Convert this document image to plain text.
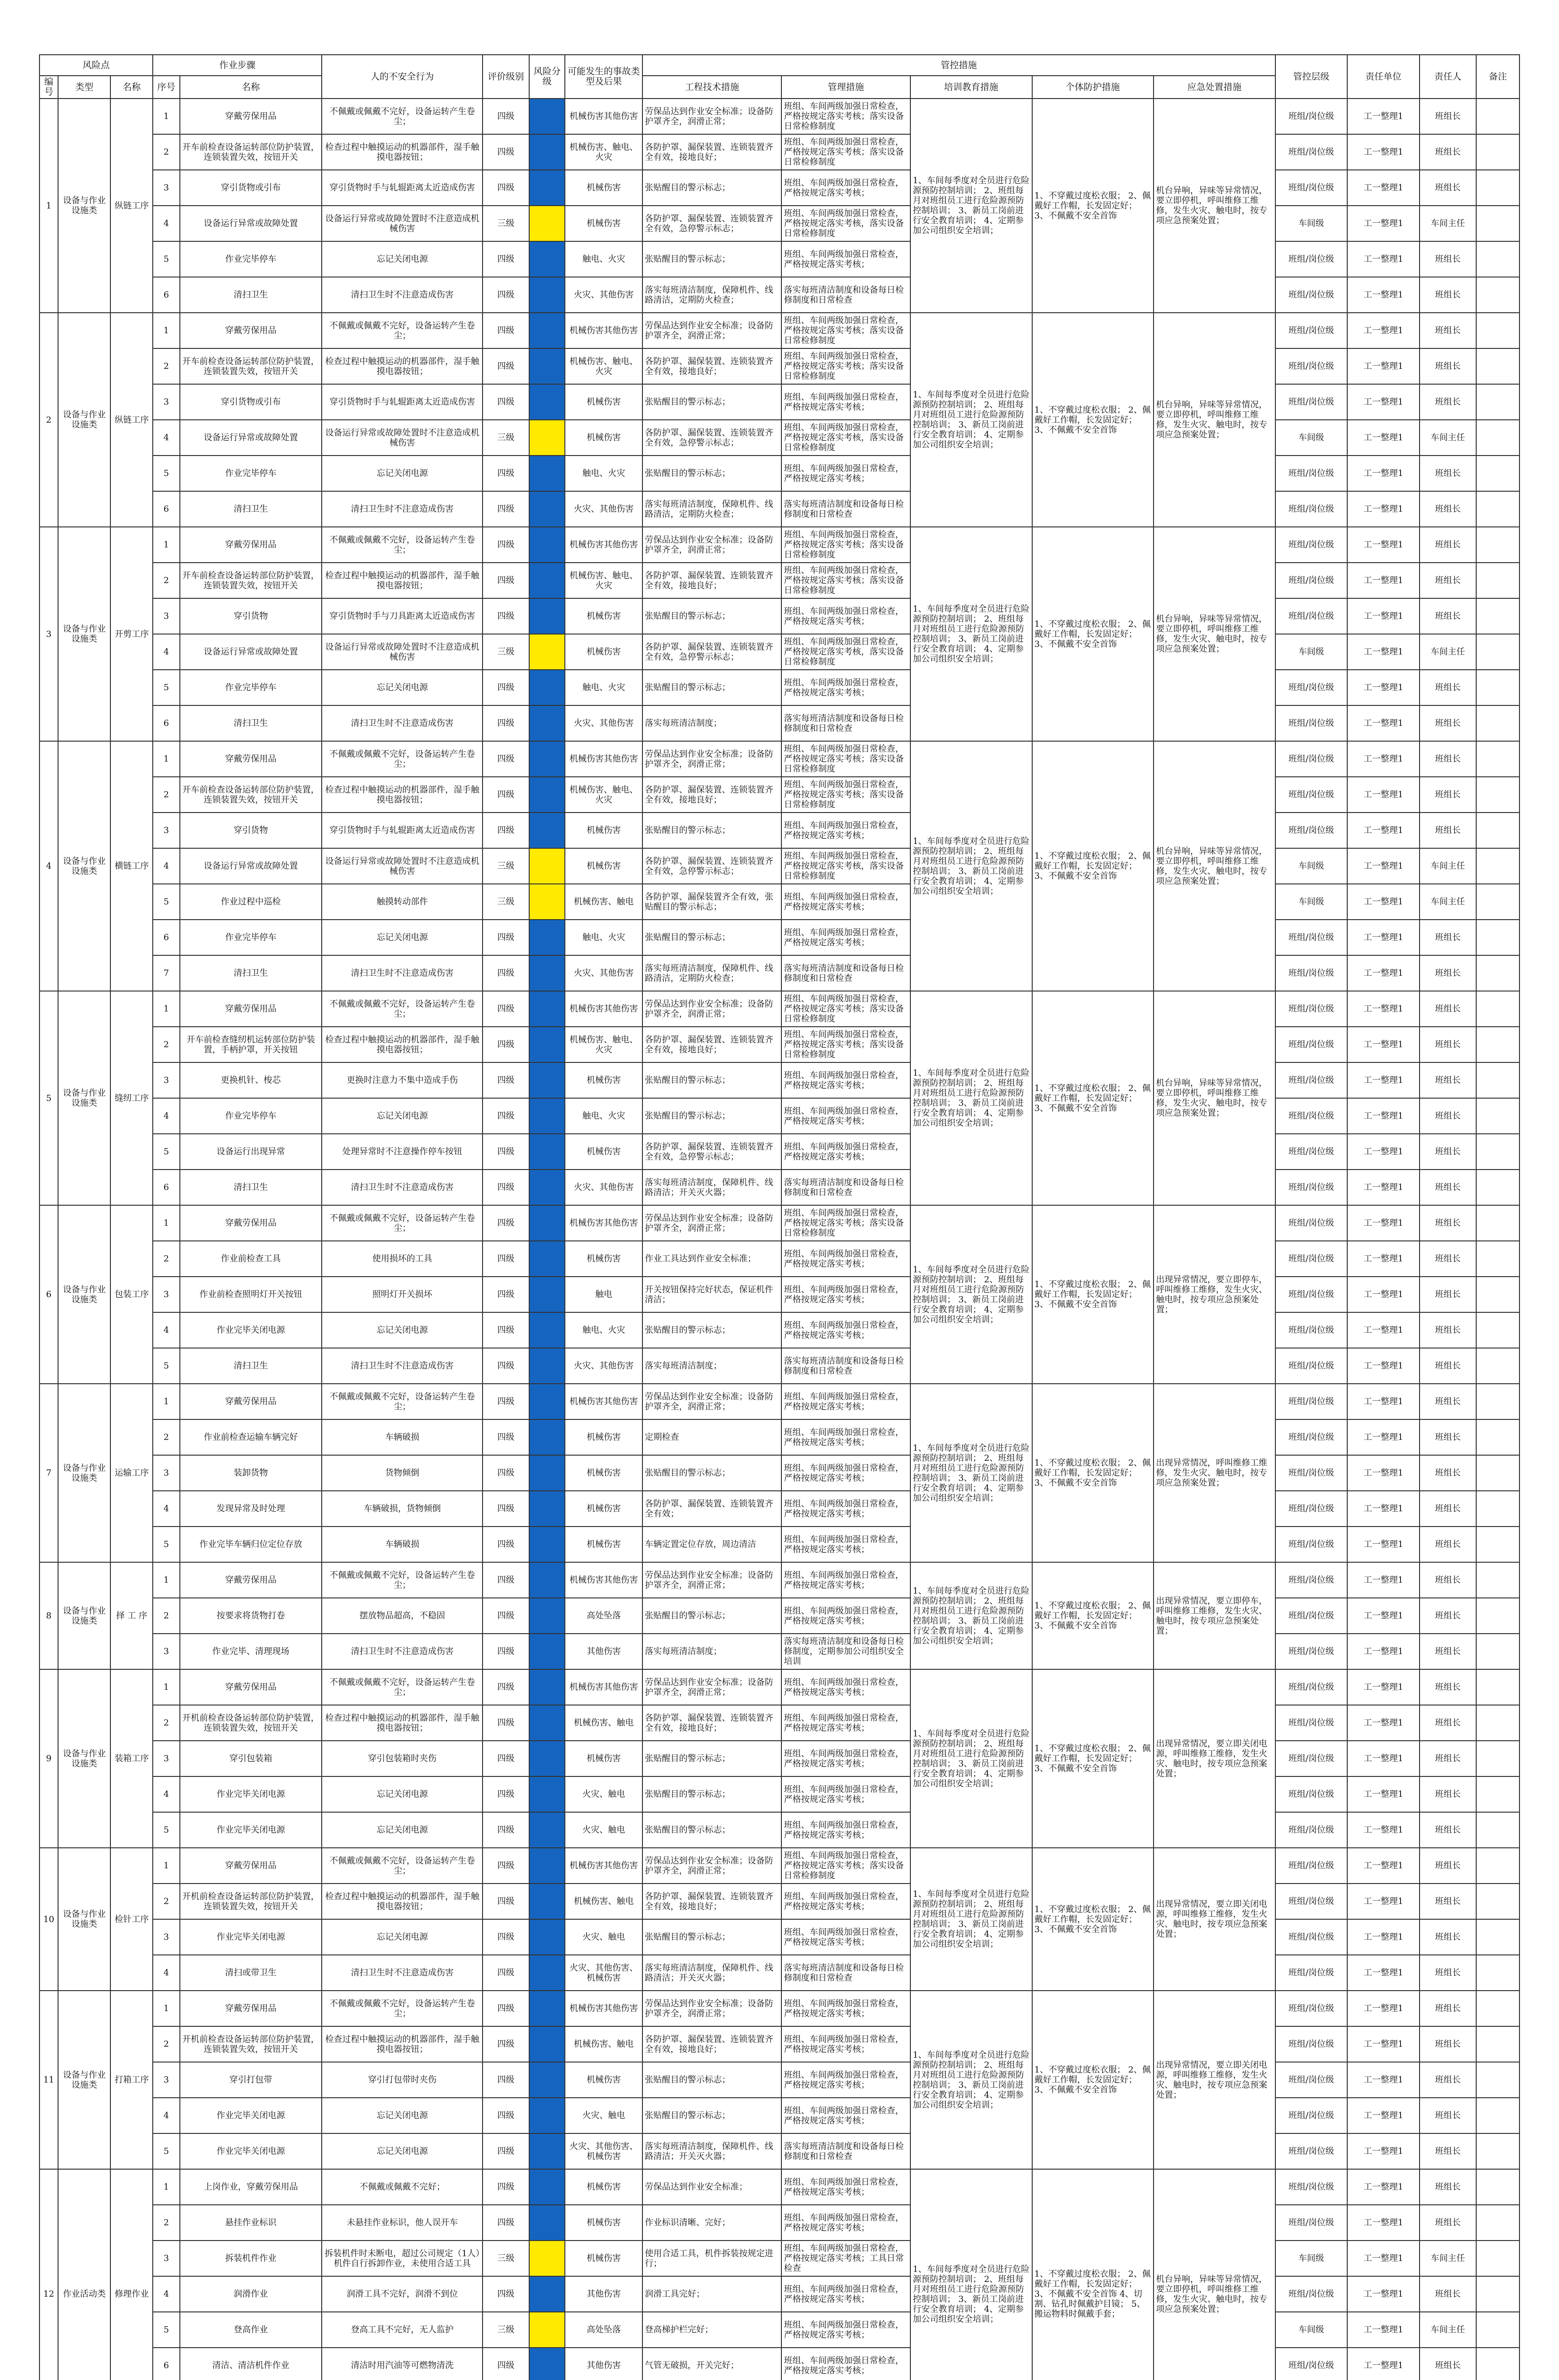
风险点			作业步骤		人的不安全行为	评价级别	风险分级	可能发生的事故类型及后果	管控措施					管控层级	责任单位	责任人	备注
编号	类型	名称	序号	名称					工程技术措施	管理措施	培训教育措施	个体防护措施	应急处置措施				
1	设备与作业设施类	纵链工序	1	穿戴劳保用品	不佩戴或佩戴不完好，设备运转产生卷尘；	四级		机械伤害其他伤害	劳保品达到作业安全标准；设备防护罩齐全，润滑正常；	班组、车间两级加强日常检查，严格按规定落实考核；落实设备日常检修制度	1、车间每季度对全员进行危险源预防控制培训； 2、班组每月对班组员工进行危险源预防控制培训； 3、新员工岗前进行安全教育培训； 4、定期参加公司组织安全培训；	1、不穿戴过度松衣服； 2、佩戴好工作帽，长发固定好； 3、不佩戴不安全首饰	机台异响，异味等异常情况，要立即停机，呼叫维修工维修，发生火灾、触电时，按专项应急预案处置；	班组/岗位级	工一整理1	班组长	
			2	开车前检查设备运转部位防护装置，连锁装置失效，按钮开关	检查过程中触摸运动的机器部件，湿手触摸电器按钮；	四级		机械伤害、触电、火灾	各防护罩、漏保装置、连锁装置齐全有效，接地良好；	班组、车间两级加强日常检查，严格按规定落实考核；落实设备日常检修制度				班组/岗位级	工一整理1	班组长	
			3	穿引货物或引布	穿引货物时手与轧辊距离太近造成伤害	四级		机械伤害	张贴醒目的警示标志；	班组、车间两级加强日常检查，严格按规定落实考核；				班组/岗位级	工一整理1	班组长	
			4	设备运行异常或故障处置	设备运行异常或故障处置时不注意造成机械伤害	三级		机械伤害	各防护罩、漏保装置、连锁装置齐全有效，急停警示标志；	班组、车间两级加强日常检查，严格按规定落实考核，落实设备日常检修制度				车间级	工一整理1	车间主任	
			5	作业完毕停车	忘记关闭电源	四级		触电、火灾	张贴醒目的警示标志；	班组、车间两级加强日常检查，严格按规定落实考核；				班组/岗位级	工一整理1	班组长	
			6	清扫卫生	清扫卫生时不注意造成伤害	四级		火灾、其他伤害	落实每班清洁制度，保障机件、线路清洁，定期防火检查；	落实每班清洁制度和设备每日检修制度和日常检查				班组/岗位级	工一整理1	班组长	
2	设备与作业设施类	纵链工序	1	穿戴劳保用品	不佩戴或佩戴不完好，设备运转产生卷尘；	四级		机械伤害其他伤害	劳保品达到作业安全标准；设备防护罩齐全，润滑正常；	班组、车间两级加强日常检查，严格按规定落实考核；落实设备日常检修制度	1、车间每季度对全员进行危险源预防控制培训； 2、班组每月对班组员工进行危险源预防控制培训； 3、新员工岗前进行安全教育培训； 4、定期参加公司组织安全培训；	1、不穿戴过度松衣服； 2、佩戴好工作帽，长发固定好； 3、不佩戴不安全首饰	机台异响，异味等异常情况，要立即停机，呼叫维修工维修，发生火灾、触电时，按专项应急预案处置；	班组/岗位级	工一整理1	班组长	
			2	开车前检查设备运转部位防护装置，连锁装置失效，按钮开关	检查过程中触摸运动的机器部件，湿手触摸电器按钮；	四级		机械伤害、触电、火灾	各防护罩、漏保装置、连锁装置齐全有效，接地良好；	班组、车间两级加强日常检查，严格按规定落实考核；落实设备日常检修制度				班组/岗位级	工一整理1	班组长	
			3	穿引货物或引布	穿引货物时手与轧辊距离太近造成伤害	四级		机械伤害	张贴醒目的警示标志；	班组、车间两级加强日常检查，严格按规定落实考核；				班组/岗位级	工一整理1	班组长	
			4	设备运行异常或故障处置	设备运行异常或故障处置时不注意造成机械伤害	三级		机械伤害	各防护罩、漏保装置、连锁装置齐全有效，急停警示标志；	班组、车间两级加强日常检查，严格按规定落实考核，落实设备日常检修制度				车间级	工一整理1	车间主任	
			5	作业完毕停车	忘记关闭电源	四级		触电、火灾	张贴醒目的警示标志；	班组、车间两级加强日常检查，严格按规定落实考核；				班组/岗位级	工一整理1	班组长	
			6	清扫卫生	清扫卫生时不注意造成伤害	四级		火灾、其他伤害	落实每班清洁制度，保障机件、线路清洁，定期防火检查；	落实每班清洁制度和设备每日检修制度和日常检查				班组/岗位级	工一整理1	班组长	
3	设备与作业设施类	开剪工序	1	穿戴劳保用品	不佩戴或佩戴不完好，设备运转产生卷尘；	四级		机械伤害其他伤害	劳保品达到作业安全标准；设备防护罩齐全，润滑正常；	班组、车间两级加强日常检查，严格按规定落实考核；落实设备日常检修制度	1、车间每季度对全员进行危险源预防控制培训； 2、班组每月对班组员工进行危险源预防控制培训； 3、新员工岗前进行安全教育培训； 4、定期参加公司组织安全培训；	1、不穿戴过度松衣服； 2、佩戴好工作帽，长发固定好； 3、不佩戴不安全首饰	机台异响，异味等异常情况，要立即停机，呼叫维修工维修，发生火灾、触电时，按专项应急预案处置；	班组/岗位级	工一整理1	班组长	
			2	开车前检查设备运转部位防护装置，连锁装置失效，按钮开关	检查过程中触摸运动的机器部件，湿手触摸电器按钮；	四级		机械伤害、触电、火灾	各防护罩、漏保装置、连锁装置齐全有效，接地良好；	班组、车间两级加强日常检查，严格按规定落实考核；落实设备日常检修制度				班组/岗位级	工一整理1	班组长	
			3	穿引货物	穿引货物时手与刀具距离太近造成伤害	四级		机械伤害	张贴醒目的警示标志；	班组、车间两级加强日常检查，严格按规定落实考核；				班组/岗位级	工一整理1	班组长	
			4	设备运行异常或故障处置	设备运行异常或故障处置时不注意造成机械伤害	三级		机械伤害	各防护罩、漏保装置、连锁装置齐全有效，急停警示标志；	班组、车间两级加强日常检查，严格按规定落实考核，落实设备日常检修制度				车间级	工一整理1	车间主任	
			5	作业完毕停车	忘记关闭电源	四级		触电、火灾	张贴醒目的警示标志；	班组、车间两级加强日常检查，严格按规定落实考核；				班组/岗位级	工一整理1	班组长	
			6	清扫卫生	清扫卫生时不注意造成伤害	四级		火灾、其他伤害	落实每班清洁制度；	落实每班清洁制度和设备每日检修制度和日常检查				班组/岗位级	工一整理1	班组长	
4	设备与作业设施类	横链工序	1	穿戴劳保用品	不佩戴或佩戴不完好，设备运转产生卷尘；	四级		机械伤害其他伤害	劳保品达到作业安全标准；设备防护罩齐全，润滑正常；	班组、车间两级加强日常检查，严格按规定落实考核；落实设备日常检修制度	1、车间每季度对全员进行危险源预防控制培训； 2、班组每月对班组员工进行危险源预防控制培训； 3、新员工岗前进行安全教育培训； 4、定期参加公司组织安全培训；	1、不穿戴过度松衣服； 2、佩戴好工作帽，长发固定好； 3、不佩戴不安全首饰	机台异响，异味等异常情况，要立即停机，呼叫维修工维修，发生火灾、触电时，按专项应急预案处置；	班组/岗位级	工一整理1	班组长	
			2	开车前检查设备运转部位防护装置，连锁装置失效，按钮开关	检查过程中触摸运动的机器部件，湿手触摸电器按钮；	四级		机械伤害、触电、火灾	各防护罩、漏保装置、连锁装置齐全有效，接地良好；	班组、车间两级加强日常检查，严格按规定落实考核；落实设备日常检修制度				班组/岗位级	工一整理1	班组长	
			3	穿引货物	穿引货物时手与轧辊距离太近造成伤害	四级		机械伤害	张贴醒目的警示标志；	班组、车间两级加强日常检查，严格按规定落实考核；				班组/岗位级	工一整理1	班组长	
			4	设备运行异常或故障处置	设备运行异常或故障处置时不注意造成机械伤害	三级		机械伤害	各防护罩、漏保装置、连锁装置齐全有效，急停警示标志；	班组、车间两级加强日常检查，严格按规定落实考核，落实设备日常检修制度				车间级	工一整理1	车间主任	
			5	作业过程中巡检	触摸转动部件	三级		机械伤害、触电	各防护罩、漏保装置齐全有效，张贴醒目的警示标志；	班组、车间两级加强日常检查，严格按规定落实考核；				车间级	工一整理1	车间主任	
			6	作业完毕停车	忘记关闭电源	四级		触电、火灾	张贴醒目的警示标志；	班组、车间两级加强日常检查，严格按规定落实考核；				班组/岗位级	工一整理1	班组长	
			7	清扫卫生	清扫卫生时不注意造成伤害	四级		火灾、其他伤害	落实每班清洁制度，保障机件、线路清洁，定期防火检查；	落实每班清洁制度和设备每日检修制度和日常检查				班组/岗位级	工一整理1	班组长	
5	设备与作业设施类	缝纫工序	1	穿戴劳保用品	不佩戴或佩戴不完好，设备运转产生卷尘；	四级		机械伤害其他伤害	劳保品达到作业安全标准；设备防护罩齐全，润滑正常；	班组、车间两级加强日常检查，严格按规定落实考核；落实设备日常检修制度	1、车间每季度对全员进行危险源预防控制培训； 2、班组每月对班组员工进行危险源预防控制培训； 3、新员工岗前进行安全教育培训； 4、定期参加公司组织安全培训；	1、不穿戴过度松衣服； 2、佩戴好工作帽，长发固定好； 3、不佩戴不安全首饰	机台异响，异味等异常情况，要立即停机，呼叫维修工维修，发生火灾、触电时，按专项应急预案处置；	班组/岗位级	工一整理1	班组长	
			2	开车前检查缝纫机运转部位防护装置，手柄护罩，开关按钮	检查过程中触摸运动的机器部件，湿手触摸电器按钮；	四级		机械伤害、触电、火灾	各防护罩、漏保装置、连锁装置齐全有效，接地良好；	班组、车间两级加强日常检查，严格按规定落实考核；落实设备日常检修制度				班组/岗位级	工一整理1	班组长	
			3	更换机针、梭芯	更换时注意力不集中造成手伤	四级		机械伤害	张贴醒目的警示标志；	班组、车间两级加强日常检查，严格按规定落实考核；				班组/岗位级	工一整理1	班组长	
			4	作业完毕停车	忘记关闭电源	四级		触电、火灾	张贴醒目的警示标志；	班组、车间两级加强日常检查，严格按规定落实考核；				班组/岗位级	工一整理1	班组长	
			5	设备运行出现异常	处理异常时不注意操作停车按钮	四级		机械伤害	各防护罩、漏保装置、连锁装置齐全有效，急停警示标志；	班组、车间两级加强日常检查，严格按规定落实考核；				班组/岗位级	工一整理1	班组长	
			6	清扫卫生	清扫卫生时不注意造成伤害	四级		火灾、其他伤害	落实每班清洁制度，保障机件、线路清洁；开关灭火器；	落实每班清洁制度和设备每日检修制度和日常检查				班组/岗位级	工一整理1	班组长	
6	设备与作业设施类	包装工序	1	穿戴劳保用品	不佩戴或佩戴不完好，设备运转产生卷尘；	四级		机械伤害其他伤害	劳保品达到作业安全标准；设备防护罩齐全，润滑正常；	班组、车间两级加强日常检查，严格按规定落实考核；落实设备日常检修制度	1、车间每季度对全员进行危险源预防控制培训； 2、班组每月对班组员工进行危险源预防控制培训； 3、新员工岗前进行安全教育培训； 4、定期参加公司组织安全培训；	1、不穿戴过度松衣服； 2、佩戴好工作帽，长发固定好； 3、不佩戴不安全首饰	出现异常情况，要立即停车，呼叫维修工维修，发生火灾、触电时，按专项应急预案处置；	班组/岗位级	工一整理1	班组长	
			2	作业前检查工具	使用损坏的工具	四级		机械伤害	作业工具达到作业安全标准；	班组、车间两级加强日常检查，严格按规定落实考核；				班组/岗位级	工一整理1	班组长	
			3	作业前检查照明灯开关按钮	照明灯开关损坏	四级		触电	开关按钮保持完好状态，保证机件清洁；	班组、车间两级加强日常检查，严格按规定落实考核；				班组/岗位级	工一整理1	班组长	
			4	作业完毕关闭电源	忘记关闭电源	四级		触电、火灾	张贴醒目的警示标志；	班组、车间两级加强日常检查，严格按规定落实考核；				班组/岗位级	工一整理1	班组长	
			5	清扫卫生	清扫卫生时不注意造成伤害	四级		火灾、其他伤害	落实每班清洁制度；	落实每班清洁制度和设备每日检修制度和日常检查				班组/岗位级	工一整理1	班组长	
7	设备与作业设施类	运输工序	1	穿戴劳保用品	不佩戴或佩戴不完好，设备运转产生卷尘；	四级		机械伤害其他伤害	劳保品达到作业安全标准；设备防护罩齐全，润滑正常；	班组、车间两级加强日常检查，严格按规定落实考核；	1、车间每季度对全员进行危险源预防控制培训； 2、班组每月对班组员工进行危险源预防控制培训； 3、新员工岗前进行安全教育培训； 4、定期参加公司组织安全培训；	1、不穿戴过度松衣服； 2、佩戴好工作帽，长发固定好； 3、不佩戴不安全首饰	出现异常情况，呼叫维修工维修，发生火灾、触电时，按专项应急预案处置；	班组/岗位级	工一整理1	班组长	
			2	作业前检查运输车辆完好	车辆破损	四级		机械伤害	定期检查	班组、车间两级加强日常检查，严格按规定落实考核；				班组/岗位级	工一整理1	班组长	
			3	装卸货物	货物倾倒	四级		机械伤害	张贴醒目的警示标志；	班组、车间两级加强日常检查，严格按规定落实考核；				班组/岗位级	工一整理1	班组长	
			4	发现异常及时处理	车辆破损，货物倾倒	四级		机械伤害	各防护罩、漏保装置、连锁装置齐全有效；	班组、车间两级加强日常检查，严格按规定落实考核；				班组/岗位级	工一整理1	班组长	
			5	作业完毕车辆归位定位存放	车辆破损	四级		机械伤害	车辆定置定位存放，周边清洁	班组、车间两级加强日常检查，严格按规定落实考核；				班组/岗位级	工一整理1	班组长	
8	设备与作业设施类	择 工 序	1	穿戴劳保用品	不佩戴或佩戴不完好，设备运转产生卷尘；	四级		机械伤害其他伤害	劳保品达到作业安全标准；设备防护罩齐全，润滑正常；	班组、车间两级加强日常检查，严格按规定落实考核；	1、车间每季度对全员进行危险源预防控制培训； 2、班组每月对班组员工进行危险源预防控制培训； 3、新员工岗前进行安全教育培训； 4、定期参加公司组织安全培训；	1、不穿戴过度松衣服； 2、佩戴好工作帽，长发固定好； 3、不佩戴不安全首饰	出现异常情况，要立即停车，呼叫维修工维修，发生火灾、触电时，按专项应急预案处置；	班组/岗位级	工一整理1	班组长	
			2	按要求将货物打卷	摆放物品超高，不稳固	四级		高处坠落	张贴醒目的警示标志；	班组、车间两级加强日常检查，严格按规定落实考核；				班组/岗位级	工一整理1	班组长	
			3	作业完毕、清理现场	清扫卫生时不注意造成伤害	四级		其他伤害	落实每班清洁制度；	落实每班清洁制度和设备每日检修制度，定期参加公司组织安全培训				班组/岗位级	工一整理1	班组长	
9	设备与作业设施类	装箱工序	1	穿戴劳保用品	不佩戴或佩戴不完好，设备运转产生卷尘；	四级		机械伤害其他伤害	劳保品达到作业安全标准；设备防护罩齐全，润滑正常；	班组、车间两级加强日常检查，严格按规定落实考核；	1、车间每季度对全员进行危险源预防控制培训； 2、班组每月对班组员工进行危险源预防控制培训； 3、新员工岗前进行安全教育培训； 4、定期参加公司组织安全培训；	1、不穿戴过度松衣服； 2、佩戴好工作帽，长发固定好； 3、不佩戴不安全首饰	出现异常情况，要立即关闭电源，呼叫维修工维修，发生火灾、触电时，按专项应急预案处置；	班组/岗位级	工一整理1	班组长	
			2	开机前检查设备运转部位防护装置，连锁装置失效，按钮开关	检查过程中触摸运动的机器部件，湿手触摸电器按钮；	四级		机械伤害、触电	各防护罩、漏保装置、连锁装置齐全有效，接地良好；	班组、车间两级加强日常检查，严格按规定落实考核；				班组/岗位级	工一整理1	班组长	
			3	穿引包装箱	穿引包装箱时夹伤	四级		机械伤害	张贴醒目的警示标志；	班组、车间两级加强日常检查，严格按规定落实考核；				班组/岗位级	工一整理1	班组长	
			4	作业完毕关闭电源	忘记关闭电源	四级		火灾、触电	张贴醒目的警示标志；	班组、车间两级加强日常检查，严格按规定落实考核；				班组/岗位级	工一整理1	班组长	
			5	作业完毕关闭电源	忘记关闭电源	四级		火灾、触电	张贴醒目的警示标志；	班组、车间两级加强日常检查，严格按规定落实考核；				班组/岗位级	工一整理1	班组长	
10	设备与作业设施类	检针工序	1	穿戴劳保用品	不佩戴或佩戴不完好，设备运转产生卷尘；	四级		机械伤害其他伤害	劳保品达到作业安全标准；设备防护罩齐全，润滑正常；	班组、车间两级加强日常检查，严格按规定落实考核；落实设备日常检修制度	1、车间每季度对全员进行危险源预防控制培训； 2、班组每月对班组员工进行危险源预防控制培训； 3、新员工岗前进行安全教育培训； 4、定期参加公司组织安全培训；	1、不穿戴过度松衣服； 2、佩戴好工作帽，长发固定好； 3、不佩戴不安全首饰	出现异常情况，要立即关闭电源，呼叫维修工维修，发生火灾、触电时，按专项应急预案处置；	班组/岗位级	工一整理1	班组长	
			2	开机前检查设备运转部位防护装置，连锁装置失效，按钮开关	检查过程中触摸运动的机器部件，湿手触摸电器按钮；	四级		机械伤害、触电	各防护罩、漏保装置、连锁装置齐全有效，接地良好；	班组、车间两级加强日常检查，严格按规定落实考核；				班组/岗位级	工一整理1	班组长	
			3	作业完毕关闭电源	忘记关闭电源	四级		火灾、触电	张贴醒目的警示标志；	班组、车间两级加强日常检查，严格按规定落实考核；				班组/岗位级	工一整理1	班组长	
			4	清扫或带卫生	清扫卫生时不注意造成伤害	四级		火灾、其他伤害、机械伤害	落实每班清洁制度，保障机件、线路清洁；开关灭火器；	落实每班清洁制度和设备每日检修制度和日常检查				班组/岗位级	工一整理1	班组长	
11	设备与作业设施类	打箱工序	1	穿戴劳保用品	不佩戴或佩戴不完好，设备运转产生卷尘；	四级		机械伤害其他伤害	劳保品达到作业安全标准；设备防护罩齐全，润滑正常；	班组、车间两级加强日常检查，严格按规定落实考核；	1、车间每季度对全员进行危险源预防控制培训； 2、班组每月对班组员工进行危险源预防控制培训； 3、新员工岗前进行安全教育培训； 4、定期参加公司组织安全培训；	1、不穿戴过度松衣服； 2、佩戴好工作帽，长发固定好； 3、不佩戴不安全首饰	出现异常情况，要立即关闭电源，呼叫维修工维修，发生火灾、触电时，按专项应急预案处置；	班组/岗位级	工一整理1	班组长	
			2	开机前检查设备运转部位防护装置，连锁装置失效，按钮开关	检查过程中触摸运动的机器部件，湿手触摸电器按钮；	四级		机械伤害、触电	各防护罩、漏保装置、连锁装置齐全有效，接地良好；	班组、车间两级加强日常检查，严格按规定落实考核；				班组/岗位级	工一整理1	班组长	
			3	穿引打包带	穿引打包带时夹伤	四级		机械伤害	张贴醒目的警示标志；	班组、车间两级加强日常检查，严格按规定落实考核；				班组/岗位级	工一整理1	班组长	
			4	作业完毕关闭电源	忘记关闭电源	四级		火灾、触电	张贴醒目的警示标志；	班组、车间两级加强日常检查，严格按规定落实考核；				班组/岗位级	工一整理1	班组长	
			5	作业完毕关闭电源	忘记关闭电源	四级		火灾、其他伤害、机械伤害	落实每班清洁制度，保障机件、线路清洁；开关灭火器；	落实每班清洁制度和设备每日检修制度和日常检查				班组/岗位级	工一整理1	班组长	
12	作业活动类	修理作业	1	上岗作业，穿戴劳保用品	不佩戴或佩戴不完好；	四级		机械伤害	劳保品达到作业安全标准；	班组、车间两级加强日常检查，严格按规定落实考核；	1、车间每季度对全员进行危险源预防控制培训； 2、班组每月对班组员工进行危险源预防控制培训； 3、新员工岗前进行安全教育培训； 4、定期参加公司组织安全培训；	1、不穿戴过度松衣服； 2、佩戴好工作帽，长发固定好； 3、不佩戴不安全首饰 4、切割、钻孔时佩戴护目镜； 5、搬运物料时佩戴手套；	机台异响，异味等异常情况，要立即停机，呼叫维修工维修，发生火灾、触电时，按专项应急预案处置；	班组/岗位级	工一整理1	班组长	
			2	悬挂作业标识	未悬挂作业标识，他人误开车	四级		机械伤害	作业标识清晰、完好；	班组、车间两级加强日常检查，严格按规定落实考核；				班组/岗位级	工一整理1	班组长	
			3	拆装机件作业	拆装机件时未断电，超过公司规定（1人）机件自行拆卸作业，未使用合适工具	三级		机械伤害	使用合适工具，机件拆装按规定进行；	班组、车间两级加强日常检查，严格按规定落实考核；工具日常检查				车间级	工一整理1	车间主任	
			4	润滑作业	润滑工具不完好，润滑不到位	四级		其他伤害	润滑工具完好；	班组、车间两级加强日常检查，严格按规定落实考核；				班组/岗位级	工一整理1	班组长	
			5	登高作业	登高工具不完好，无人监护	三级		高处坠落	登高梯护栏完好；	班组、车间两级加强日常检查，严格按规定落实考核；				车间级	工一整理1	车间主任	
			6	清洁、清洁机件作业	清洁时用汽油等可燃物清洗	四级		其他伤害	气管无破损，开关完好；	班组、车间两级加强日常检查，严格按规定落实考核；				班组/岗位级	工一整理1	班组长	
